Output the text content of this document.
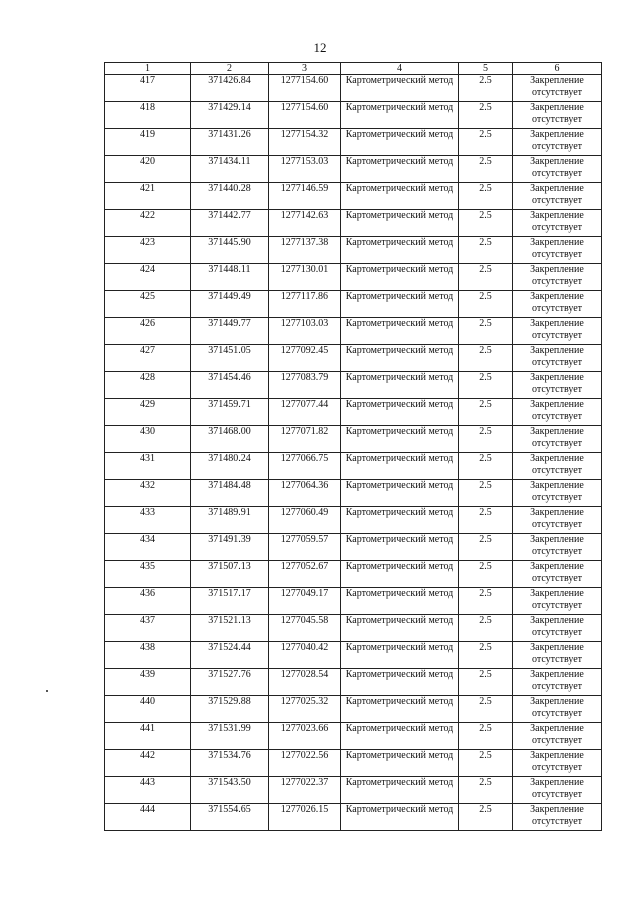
12
1	2	3	4	5	6
417	371426.84	1277154.60	Картометрический метод	2.5	Закрепление отсутствует
418	371429.14	1277154.60	Картометрический метод	2.5	Закрепление отсутствует
419	371431.26	1277154.32	Картометрический метод	2.5	Закрепление отсутствует
420	371434.11	1277153.03	Картометрический метод	2.5	Закрепление отсутствует
421	371440.28	1277146.59	Картометрический метод	2.5	Закрепление отсутствует
422	371442.77	1277142.63	Картометрический метод	2.5	Закрепление отсутствует
423	371445.90	1277137.38	Картометрический метод	2.5	Закрепление отсутствует
424	371448.11	1277130.01	Картометрический метод	2.5	Закрепление отсутствует
425	371449.49	1277117.86	Картометрический метод	2.5	Закрепление отсутствует
426	371449.77	1277103.03	Картометрический метод	2.5	Закрепление отсутствует
427	371451.05	1277092.45	Картометрический метод	2.5	Закрепление отсутствует
428	371454.46	1277083.79	Картометрический метод	2.5	Закрепление отсутствует
429	371459.71	1277077.44	Картометрический метод	2.5	Закрепление отсутствует
430	371468.00	1277071.82	Картометрический метод	2.5	Закрепление отсутствует
431	371480.24	1277066.75	Картометрический метод	2.5	Закрепление отсутствует
432	371484.48	1277064.36	Картометрический метод	2.5	Закрепление отсутствует
433	371489.91	1277060.49	Картометрический метод	2.5	Закрепление отсутствует
434	371491.39	1277059.57	Картометрический метод	2.5	Закрепление отсутствует
435	371507.13	1277052.67	Картометрический метод	2.5	Закрепление отсутствует
436	371517.17	1277049.17	Картометрический метод	2.5	Закрепление отсутствует
437	371521.13	1277045.58	Картометрический метод	2.5	Закрепление отсутствует
438	371524.44	1277040.42	Картометрический метод	2.5	Закрепление отсутствует
439	371527.76	1277028.54	Картометрический метод	2.5	Закрепление отсутствует
440	371529.88	1277025.32	Картометрический метод	2.5	Закрепление отсутствует
441	371531.99	1277023.66	Картометрический метод	2.5	Закрепление отсутствует
442	371534.76	1277022.56	Картометрический метод	2.5	Закрепление отсутствует
443	371543.50	1277022.37	Картометрический метод	2.5	Закрепление отсутствует
444	371554.65	1277026.15	Картометрический метод	2.5	Закрепление отсутствует
